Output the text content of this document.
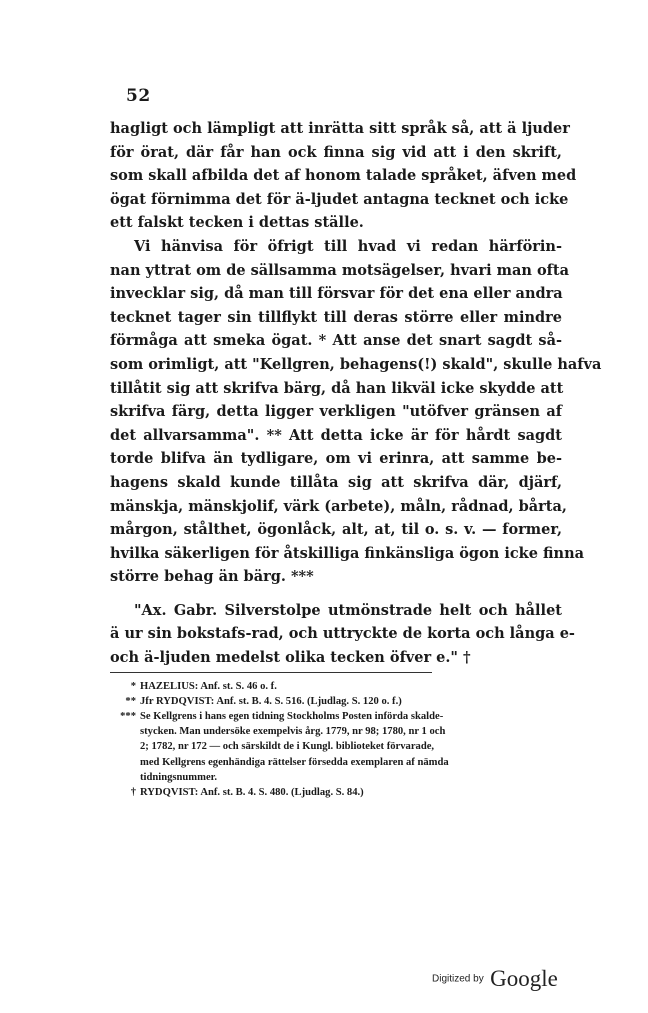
52
hagligt och lämpligt att inrätta sitt språk så, att ä ljuder
för örat, där får han ock finna sig vid att i den skrift,
som skall afbilda det af honom talade språket, äfven med
ögat förnimma det för ä-ljudet antagna tecknet och icke
ett falskt tecken i dettas ställe.
Vi hänvisa för öfrigt till hvad vi redan härförin-
nan yttrat om de sällsamma motsägelser, hvari man ofta
invecklar sig, då man till försvar för det ena eller andra
tecknet tager sin tillflykt till deras större eller mindre
förmåga att smeka ögat. * Att anse det snart sagdt så-
som orimligt, att "Kellgren, behagens(!) skald", skulle hafva
tillåtit sig att skrifva bärg, då han likväl icke skydde att
skrifva färg, detta ligger verkligen "utöfver gränsen af
det allvarsamma". ** Att detta icke är för hårdt sagdt
torde blifva än tydligare, om vi erinra, att samme be-
hagens skald kunde tillåta sig att skrifva där, djärf,
mänskja, mänskjolif, värk (arbete), måln, rådnad, bårta,
mårgon, stålthet, ögonlåck, alt, at, til o. s. v. — former,
hvilka säkerligen för åtskilliga finkänsliga ögon icke finna
större behag än bärg. ***
"Ax. Gabr. Silverstolpe utmönstrade helt och hållet
ä ur sin bokstafs-rad, och uttryckte de korta och långa e-
och ä-ljuden medelst olika tecken öfver e." †
* HAZELIUS: Anf. st. S. 46 o. f.
** Jfr RYDQVIST: Anf. st. B. 4. S. 516. (Ljudlag. S. 120 o. f.)
*** Se Kellgrens i hans egen tidning Stockholms Posten införda skalde-
stycken. Man undersöke exempelvis årg. 1779, nr 98; 1780, nr 1 och
2; 1782, nr 172 — och särskildt de i Kungl. biblioteket förvarade,
med Kellgrens egenhändiga rättelser försedda exemplaren af nämda
tidningsnummer.
† RYDQVIST: Anf. st. B. 4. S. 480. (Ljudlag. S. 84.)
Digitized by Google
